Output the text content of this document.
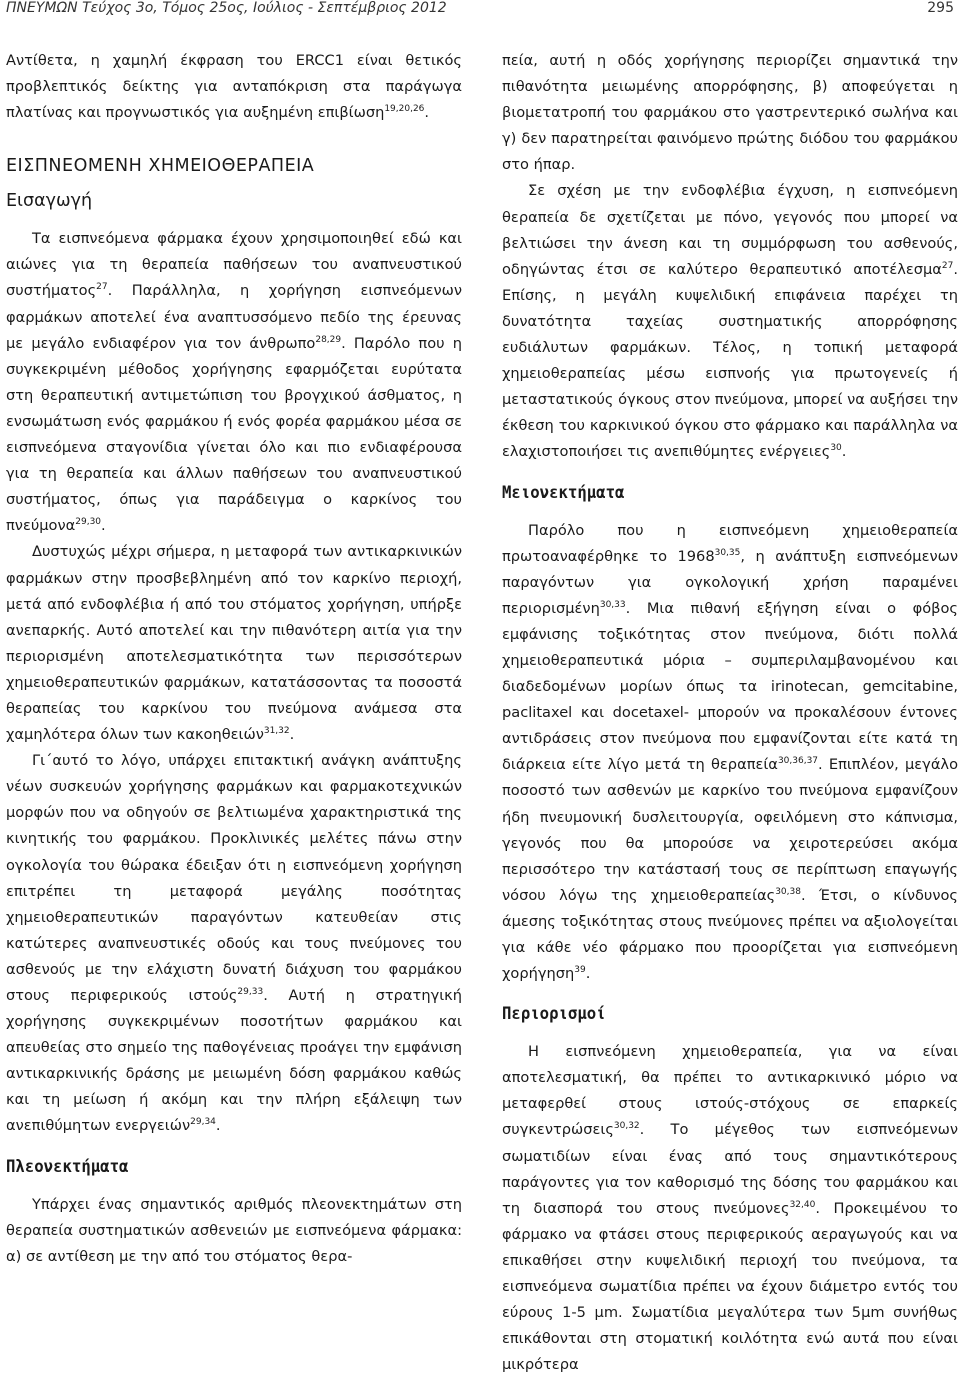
ΠΝΕΥΜΩΝ Τεύχος 3ο, Τόμος 25ος, Ιούλιος - Σεπτέμβριος 2012	295

Αντίθετα, η χαμηλή έκφραση του ERCC1 είναι θετικός προβλεπτικός δείκτης για ανταπόκριση στα παράγωγα πλατίνας και προγνωστικός για αυξημένη επιβίωση$^{19,20,26}$.

ΕΙΣΠΝΕΟΜΕΝΗ ΧΗΜΕΙΟΘΕΡΑΠΕΙΑ
Εισαγωγή

Τα εισπνεόμενα φάρμακα έχουν χρησιμοποιηθεί εδώ και αιώνες για τη θεραπεία παθήσεων του αναπνευστικού συστήματος$^{27}$. Παράλληλα, η χορήγηση εισπνεόμενων φαρμάκων αποτελεί ένα αναπτυσσόμενο πεδίο της έρευνας με μεγάλο ενδιαφέρον για τον άνθρωπο$^{28,29}$. Παρόλο που η συγκεκριμένη μέθοδος χορήγησης εφαρμόζεται ευρύτατα στη θεραπευτική αντιμετώπιση του βρογχικού άσθματος, η ενσωμάτωση ενός φαρμάκου ή ενός φορέα φαρμάκου μέσα σε εισπνεόμενα σταγονίδια γίνεται όλο και πιο ενδιαφέρουσα για τη θεραπεία και άλλων παθήσεων του αναπνευστικού συστήματος, όπως για παράδειγμα ο καρκίνος του πνεύμονα$^{29,30}$.

Δυστυχώς μέχρι σήμερα, η μεταφορά των αντικαρκινικών φαρμάκων στην προσβεβλημένη από τον καρκίνο περιοχή, μετά από ενδοφλέβια ή από του στόματος χορήγηση, υπήρξε ανεπαρκής. Αυτό αποτελεί και την πιθανότερη αιτία για την περιορισμένη αποτελεσματικότητα των περισσότερων χημειοθεραπευτικών φαρμάκων, κατατάσσοντας τα ποσοστά θεραπείας του καρκίνου του πνεύμονα ανάμεσα στα χαμηλότερα όλων των κακοηθειών$^{31,32}$.

Γι΄αυτό το λόγο, υπάρχει επιτακτική ανάγκη ανάπτυξης νέων συσκευών χορήγησης φαρμάκων και φαρμακοτεχνικών μορφών που να οδηγούν σε βελτιωμένα χαρακτηριστικά της κινητικής του φαρμάκου. Προκλινικές μελέτες πάνω στην ογκολογία του θώρακα έδειξαν ότι η εισπνεόμενη χορήγηση επιτρέπει τη μεταφορά μεγάλης ποσότητας χημειοθεραπευτικών παραγόντων κατευθείαν στις κατώτερες αναπνευστικές οδούς και τους πνεύμονες του ασθενούς με την ελάχιστη δυνατή διάχυση του φαρμάκου στους περιφερικούς ιστούς$^{29,33}$. Αυτή η στρατηγική χορήγησης συγκεκριμένων ποσοτήτων φαρμάκου και απευθείας στο σημείο της παθογένειας προάγει την εμφάνιση αντικαρκινικής δράσης με μειωμένη δόση φαρμάκου καθώς και τη μείωση ή ακόμη και την πλήρη εξάλειψη των ανεπιθύμητων ενεργειών$^{29,34}$.

Πλεονεκτήματα

Υπάρχει ένας σημαντικός αριθμός πλεονεκτημάτων στη θεραπεία συστηματικών ασθενειών με εισπνεόμενα φάρμακα: α) σε αντίθεση με την από του στόματος θερα-

πεία, αυτή η οδός χορήγησης περιορίζει σημαντικά την πιθανότητα μειωμένης απορρόφησης, β) αποφεύγεται η βιομετατροπή του φαρμάκου στο γαστρεντερικό σωλήνα και γ) δεν παρατηρείται φαινόμενο πρώτης διόδου του φαρμάκου στο ήπαρ.

Σε σχέση με την ενδοφλέβια έγχυση, η εισπνεόμενη θεραπεία δε σχετίζεται με πόνο, γεγονός που μπορεί να βελτιώσει την άνεση και τη συμμόρφωση του ασθενούς, οδηγώντας έτσι σε καλύτερο θεραπευτικό αποτέλεσμα$^{27}$. Επίσης, η μεγάλη κυψελιδική επιφάνεια παρέχει τη δυνατότητα ταχείας συστηματικής απορρόφησης ευδιάλυτων φαρμάκων. Τέλος, η τοπική μεταφορά χημειοθεραπείας μέσω εισπνοής για πρωτογενείς ή μεταστατικούς όγκους στον πνεύμονα, μπορεί να αυξήσει την έκθεση του καρκινικού όγκου στο φάρμακο και παράλληλα να ελαχιστοποιήσει τις ανεπιθύμητες ενέργειες$^{30}$.

Μειονεκτήματα

Παρόλο που η εισπνεόμενη χημειοθεραπεία πρωτοαναφέρθηκε το 1968$^{30,35}$, η ανάπτυξη εισπνεόμενων παραγόντων για ογκολογική χρήση παραμένει περιορισμένη$^{30,33}$. Μια πιθανή εξήγηση είναι ο φόβος εμφάνισης τοξικότητας στον πνεύμονα, διότι πολλά χημειοθεραπευτικά μόρια – συμπεριλαμβανομένου και διαδεδομένων μορίων όπως τα irinotecan, gemcitabine, paclitaxel και docetaxel- μπορούν να προκαλέσουν έντονες αντιδράσεις στον πνεύμονα που εμφανίζονται είτε κατά τη διάρκεια είτε λίγο μετά τη θεραπεία$^{30,36,37}$. Επιπλέον, μεγάλο ποσοστό των ασθενών με καρκίνο του πνεύμονα εμφανίζουν ήδη πνευμονική δυσλειτουργία, οφειλόμενη στο κάπνισμα, γεγονός που θα μπορούσε να χειροτερεύσει ακόμα περισσότερο την κατάστασή τους σε περίπτωση επαγωγής νόσου λόγω της χημειοθεραπείας$^{30,38}$. Έτσι, ο κίνδυνος άμεσης τοξικότητας στους πνεύμονες πρέπει να αξιολογείται για κάθε νέο φάρμακο που προορίζεται για εισπνεόμενη χορήγηση$^{39}$.

Περιορισμοί

Η εισπνεόμενη χημειοθεραπεία, για να είναι αποτελεσματική, θα πρέπει το αντικαρκινικό μόριο να μεταφερθεί στους ιστούς-στόχους σε επαρκείς συγκεντρώσεις$^{30,32}$. Το μέγεθος των εισπνεόμενων σωματιδίων είναι ένας από τους σημαντικότερους παράγοντες για τον καθορισμό της δόσης του φαρμάκου και τη διασπορά του στους πνεύμονες$^{32,40}$. Προκειμένου το φάρμακο να φτάσει στους περιφερικούς αεραγωγούς και να επικαθήσει στην κυψελιδική περιοχή του πνεύμονα, τα εισπνεόμενα σωματίδια πρέπει να έχουν διάμετρο εντός του εύρους 1-5 μm. Σωματίδια μεγαλύτερα των 5μm συνήθως επικάθονται στη στοματική κοιλότητα ενώ αυτά που είναι μικρότερα
